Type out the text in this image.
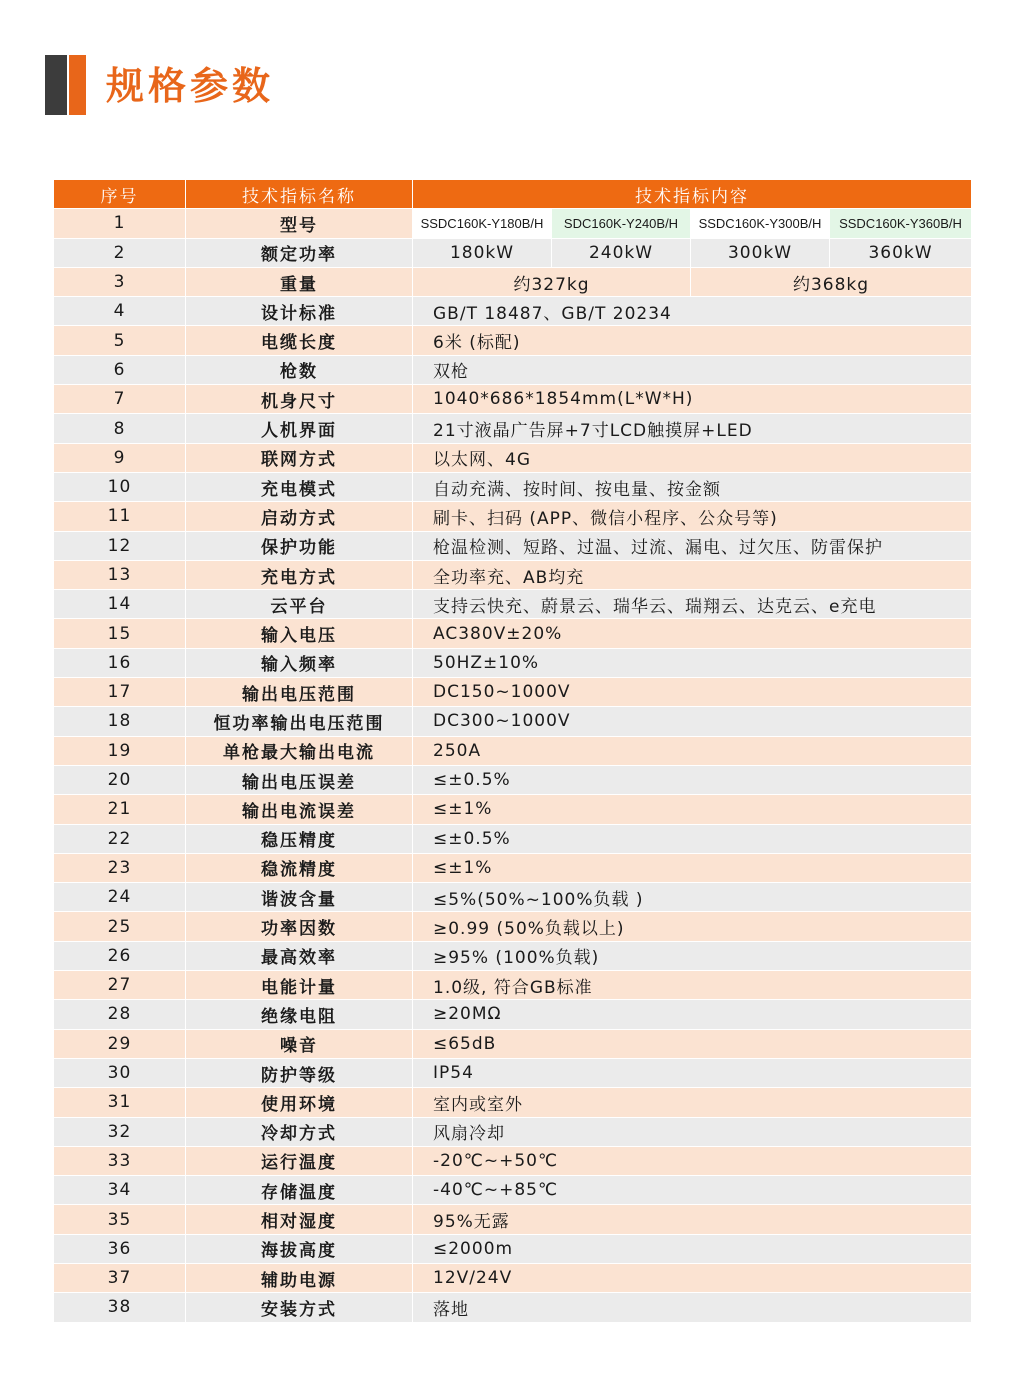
规格参数
序号	技术指标名称	技术指标内容			
1	型号	SSDC160K-Y180B/H	SDC160K-Y240B/H	SSDC160K-Y300B/H	SSDC160K-Y360B/H
2	额定功率	180kW	240kW	300kW	360kW
3	重量	约327kg		约368kg	
4	设计标准	GB/T 18487、GB/T 20234			
5	电缆长度	6米 (标配)			
6	枪数	双枪			
7	机身尺寸	1040*686*1854mm(L*W*H)			
8	人机界面	21寸液晶广告屏+7寸LCD触摸屏+LED			
9	联网方式	以太网、4G			
10	充电模式	自动充满、按时间、按电量、按金额			
11	启动方式	刷卡、扫码 (APP、微信小程序、公众号等)			
12	保护功能	枪温检测、短路、过温、过流、漏电、过欠压、防雷保护			
13	充电方式	全功率充、AB均充			
14	云平台	支持云快充、蔚景云、瑞华云、瑞翔云、达克云、e充电			
15	输入电压	AC380V±20%			
16	输入频率	50HZ±10%			
17	输出电压范围	DC150~1000V			
18	恒功率输出电压范围	DC300~1000V			
19	单枪最大输出电流	250A			
20	输出电压误差	≤±0.5%			
21	输出电流误差	≤±1%			
22	稳压精度	≤±0.5%			
23	稳流精度	≤±1%			
24	谐波含量	≤5%(50%~100%负载 )			
25	功率因数	≥0.99 (50%负载以上)			
26	最高效率	≥95% (100%负载)			
27	电能计量	1.0级, 符合GB标准			
28	绝缘电阻	≥20MΩ			
29	噪音	≤65dB			
30	防护等级	IP54			
31	使用环境	室内或室外			
32	冷却方式	风扇冷却			
33	运行温度	-20℃~+50℃			
34	存储温度	-40℃~+85℃			
35	相对湿度	95%无露			
36	海拔高度	≤2000m			
37	辅助电源	12V/24V			
38	安装方式	落地			
